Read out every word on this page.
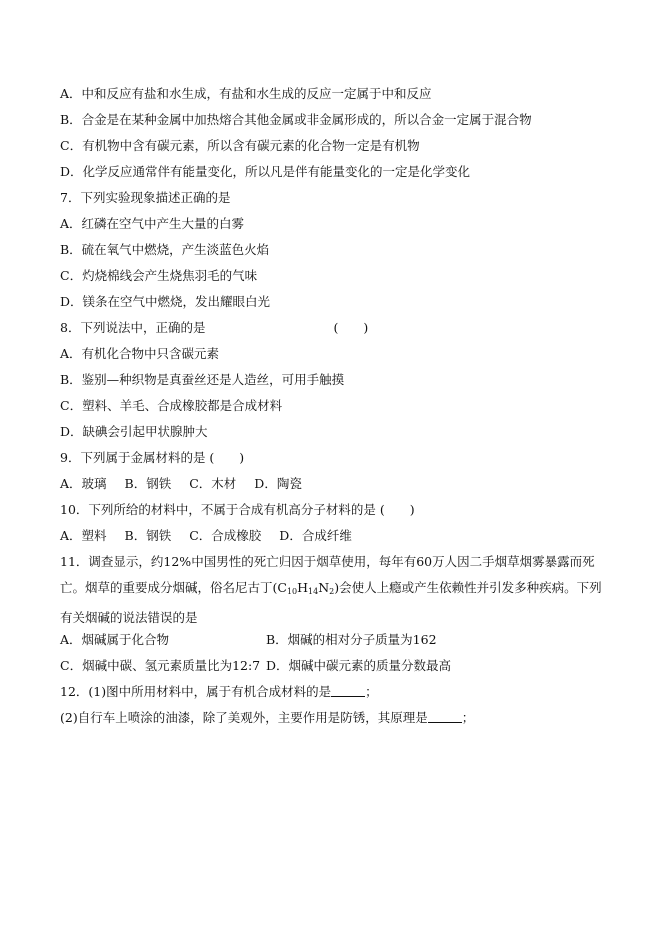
A．中和反应有盐和水生成，有盐和水生成的反应一定属于中和反应
B．合金是在某种金属中加热熔合其他金属或非金属形成的，所以合金一定属于混合物
C．有机物中含有碳元素，所以含有碳元素的化合物一定是有机物
D．化学反应通常伴有能量变化，所以凡是伴有能量变化的一定是化学变化
7．下列实验现象描述正确的是
A．红磷在空气中产生大量的白雾
B．硫在氧气中燃烧，产生淡蓝色火焰
C．灼烧棉线会产生烧焦羽毛的气味
D．镁条在空气中燃烧，发出耀眼白光
8．下列说法中，正确的是	(　　)
A．有机化合物中只含碳元素
B．鉴别—种织物是真蚕丝还是人造丝，可用手触摸
C．塑料、羊毛、合成橡胶都是合成材料
D．缺碘会引起甲状腺肿大
9．下列属于金属材料的是 (　　)
A．玻璃 B．钢铁 C．木材 D．陶瓷
10．下列所给的材料中，不属于合成有机高分子材料的是 (　　)
A．塑料 B．钢铁 C．合成橡胶 D．合成纤维
11．调查显示，约12%中国男性的死亡归因于烟草使用，每年有60万人因二手烟草烟雾暴露而死亡。烟草的重要成分烟碱，俗名尼古丁$(C_{10}H_{14}N_2)$会使人上瘾或产生依赖性并引发多种疾病。下列有关烟碱的说法错误的是
A．烟碱属于化合物	B．烟碱的相对分子质量为162
C．烟碱中碳、氢元素质量比为12:7 D．烟碱中碳元素的质量分数最高
12．(1)图中所用材料中，属于有机合成材料的是	；
(2)自行车上喷涂的油漆，除了美观外，主要作用是防锈，其原理是	；
